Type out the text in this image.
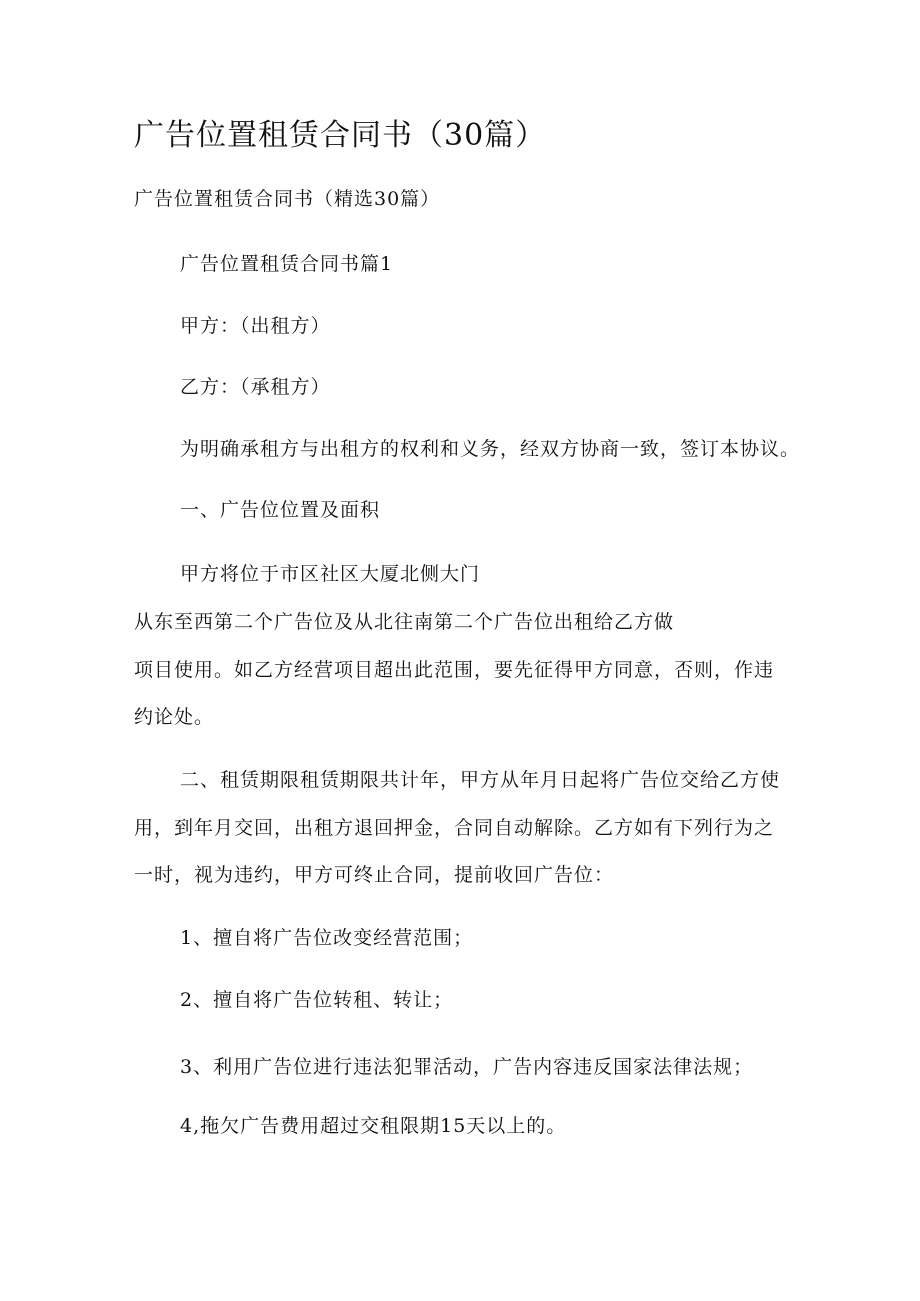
广告位置租赁合同书（30篇）
广告位置租赁合同书（精选30篇）
广告位置租赁合同书篇1
甲方：（出租方）
乙方：（承租方）
为明确承租方与出租方的权利和义务，经双方协商一致，签订本协议。
一、广告位位置及面积
甲方将位于市区社区大厦北侧大门
从东至西第二个广告位及从北往南第二个广告位出租给乙方做
项目使用。如乙方经营项目超出此范围，要先征得甲方同意，否则，作违
约论处。
二、租赁期限租赁期限共计年，甲方从年月日起将广告位交给乙方使
用，到年月交回，出租方退回押金，合同自动解除。乙方如有下列行为之
一时，视为违约，甲方可终止合同，提前收回广告位：
1、擅自将广告位改变经营范围；
2、擅自将广告位转租、转让；
3、利用广告位进行违法犯罪活动，广告内容违反国家法律法规；
4,拖欠广告费用超过交租限期15天以上的。
